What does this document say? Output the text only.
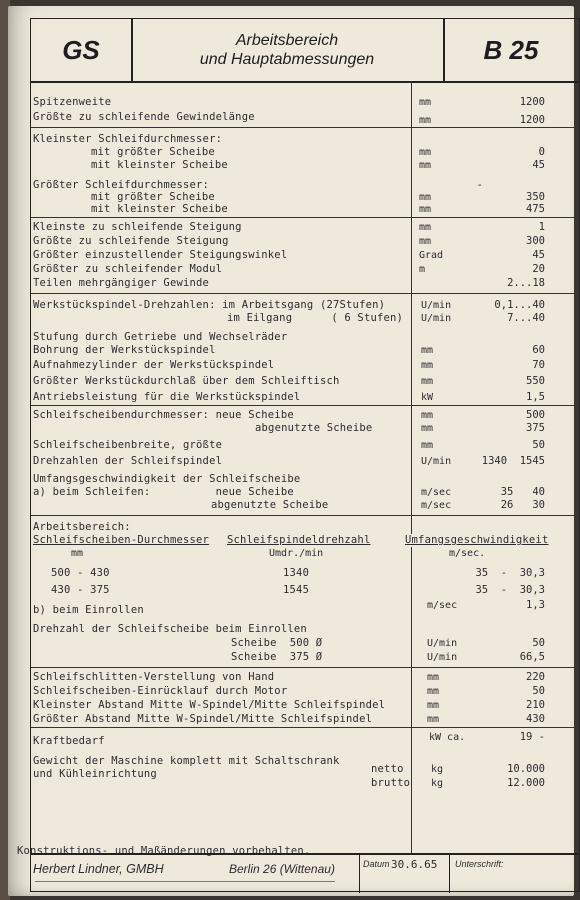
GS	Arbeitsbereich
und Hauptabmessungen	B 25
Spitzenweite	mm	1200
Größte zu schleifende Gewindelänge	mm	1200
Kleinster Schleifdurchmesser:
mit größter Scheibe	mm	0
mit kleinster Scheibe	mm	45
Größter Schleifdurchmesser:	-
mit größter Scheibe	mm	350
mit kleinster Scheibe	mm	475
Kleinste zu schleifende Steigung	mm	1
Größte zu schleifende Steigung	mm	300
Größter einzustellender Steigungswinkel	Grad	45
Größter zu schleifender Modul	m	20
Teilen mehrgängiger Gewinde	2...18
Werkstückspindel-Drehzahlen: im Arbeitsgang (27Stufen)	U/min	0,1...40
im Eilgang      ( 6 Stufen) U/min	7...40
Stufung durch Getriebe und Wechselräder
Bohrung der Werkstückspindel	mm	60
Aufnahmezylinder der Werkstückspindel	mm	70
Größter Werkstückdurchlaß über dem Schleiftisch	mm	550
Antriebsleistung für die Werkstückspindel	kW	1,5
Schleifscheibendurchmesser: neue Scheibe	mm	500
abgenutzte Scheibe	mm	375
Schleifscheibenbreite, größte	mm	50
Drehzahlen der Schleifspindel	U/min	1340  1545
Umfangsgeschwindigkeit der Schleifscheibe
a) beim Schleifen:          neue Scheibe	m/sec	35   40
abgenutzte Scheibe	m/sec	26   30
Arbeitsbereich:
Schleifscheiben-Durchmesser Schleifspindeldrehzahl	Umfangsgeschwindigkeit
mm	Umdr./min	m/sec.
500 - 430	1340	35  -  30,3
430 - 375	1545	35  -  30,3
b) beim Einrollen	m/sec	1,3
Drehzahl der Schleifscheibe beim Einrollen
Scheibe  500 Ø	U/min	50
Scheibe  375 Ø	U/min	66,5
Schleifschlitten-Verstellung von Hand	mm	220
Schleifscheiben-Einrücklauf durch Motor	mm	50
Kleinster Abstand Mitte W-Spindel/Mitte Schleifspindel	mm	210
Größter Abstand Mitte W-Spindel/Mitte Schleifspindel	mm	430
Kraftbedarf	kW ca.	19 -
Gewicht der Maschine komplett mit Schaltschrank
und Kühleinrichtung	netto	kg	10.000
brutto kg	12.000
Konstruktions- und Maßänderungen vorbehalten.
Herbert Lindner, GMBH	Berlin 26 (Wittenau)	Datum 30.6.65 Unterschrift:
